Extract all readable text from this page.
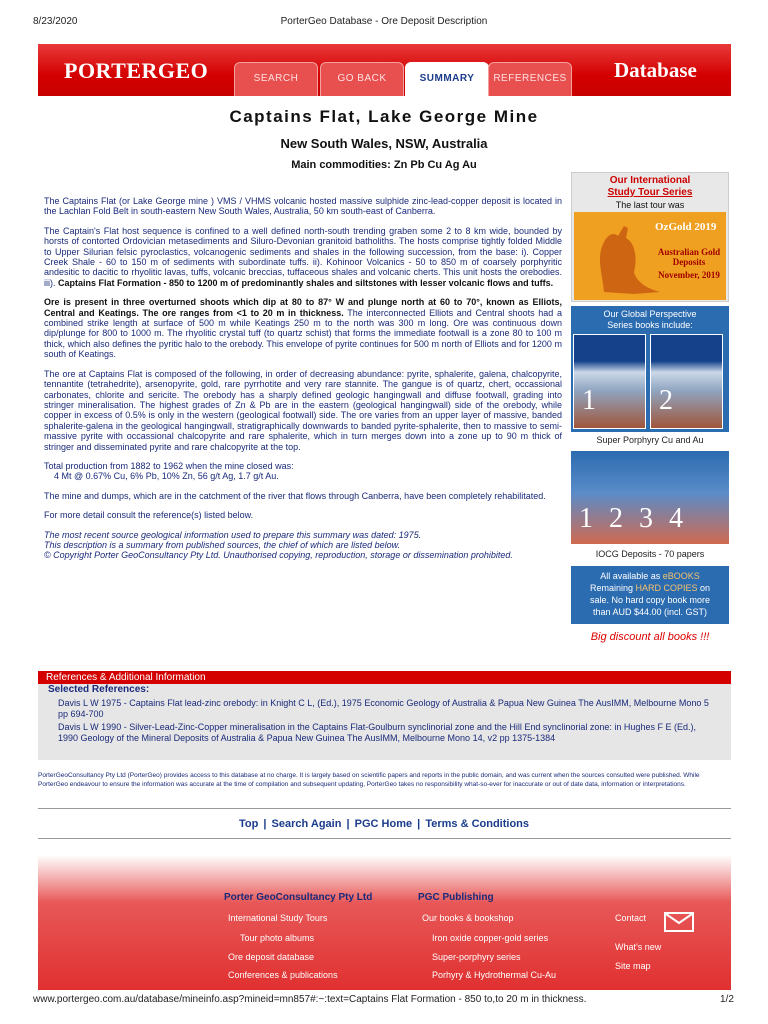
8/23/2020	PorterGeo Database - Ore Deposit Description
PORTERGEO	Database
SEARCH	GO BACK	SUMMARY	REFERENCES
Captains Flat, Lake George Mine
New South Wales, NSW, Australia
Main commodities: Zn Pb Cu Ag Au

The Captains Flat (or Lake George mine ) VMS / VHMS volcanic hosted massive sulphide zinc-lead-copper deposit is located in the Lachlan Fold Belt in south-eastern New South Wales, Australia, 50 km south-east of Canberra.

The Captain's Flat host sequence is confined to a well defined north-south trending graben some 2 to 8 km wide, bounded by horsts of contorted Ordovician metasediments and Siluro-Devonian granitoid batholiths. The hosts comprise tightly folded Middle to Upper Silurian felsic pyroclastics, volcanogenic sediments and shales in the following succession, from the base: i). Copper Creek Shale - 60 to 150 m of sediments with subordinate tuffs. ii). Kohinoor Volcanics - 50 to 850 m of coarsely porphyritic andesitic to dacitic to rhyolitic lavas, tuffs, volcanic breccias, tuffaceous shales and volcanic cherts. This unit hosts the orebodies. iii). Captains Flat Formation - 850 to 1200 m of predominantly shales and siltstones with lesser volcanic flows and tuffs.

Ore is present in three overturned shoots which dip at 80 to 87° W and plunge north at 60 to 70°, known as Elliots, Central and Keatings. The ore ranges from <1 to 20 m in thickness. The interconnected Elliots and Central shoots had a combined strike length at surface of 500 m while Keatings 250 m to the north was 300 m long. Ore was continuous down dip/plunge for 800 to 1000 m. The rhyolitic crystal tuff (to quartz schist) that forms the immediate footwall is a zone 80 to 100 m thick, which also defines the pyritic halo to the orebody. This envelope of pyrite continues for 500 m north of Elliots and for 1200 m south of Keatings.

The ore at Captains Flat is composed of the following, in order of decreasing abundance: pyrite, sphalerite, galena, chalcopyrite, tennantite (tetrahedrite), arsenopyrite, gold, rare pyrrhotite and very rare stannite. The gangue is of quartz, chert, occassional carbonates, chlorite and sericite. The orebody has a sharply defined geologic hangingwall and diffuse footwall, grading into stringer mineralisation. The highest grades of Zn & Pb are in the eastern (geological hangingwall) side of the orebody, while copper in excess of 0.5% is only in the western (geological footwall) side. The ore varies from an upper layer of massive, banded sphalerite-galena in the geological hangingwall, stratigraphically downwards to banded pyrite-sphalerite, then to massive to semi-massive pyrite with occassional chalcopyrite and rare sphalerite, which in turn merges down into a zone up to 90 m thick of stringer and disseminated pyrite and rare chalcopyrite at the top.

Total production from 1882 to 1962 when the mine closed was:
4 Mt @ 0.67% Cu, 6% Pb, 10% Zn, 56 g/t Ag, 1.7 g/t Au.

The mine and dumps, which are in the catchment of the river that flows through Canberra, have been completely rehabilitated.

For more detail consult the reference(s) listed below.

The most recent source geological information used to prepare this summary was dated: 1975.
This description is a summary from published sources, the chief of which are listed below.
© Copyright Porter GeoConsultancy Pty Ltd. Unauthorised copying, reproduction, storage or dissemination prohibited.

Our International
Study Tour Series
The last tour was
OzGold 2019
Australian Gold Deposits
November, 2019
Our Global Perspective
Series books include:
1 2
Super Porphyry Cu and Au
1 2 3 4
IOCG Deposits - 70 papers
All available as eBOOKS
Remaining HARD COPIES on
sale. No hard copy book more
than AUD $44.00 (incl. GST)
Big discount all books !!!
References & Additional Information
Selected References:
Davis L W 1975 - Captains Flat lead-zinc orebody: in Knight C L, (Ed.), 1975 Economic Geology of Australia & Papua New Guinea The AusIMM, Melbourne Mono 5 pp 694-700
Davis L W 1990 - Silver-Lead-Zinc-Copper mineralisation in the Captains Flat-Goulburn synclinorial zone and the Hill End synclinorial zone: in Hughes F E (Ed.), 1990 Geology of the Mineral Deposits of Australia & Papua New Guinea The AusIMM, Melbourne Mono 14, v2 pp 1375-1384
PorterGeoConsultancy Pty Ltd (PorterGeo) provides access to this database at no charge. It is largely based on scientific papers and reports in the public domain, and was current when the sources consulted were published. While PorterGeo endeavour to ensure the information was accurate at the time of compilation and subsequent updating, PorterGeo takes no responsibility what-so-ever for inaccurate or out of date data, information or interpretations.
Top | Search Again | PGC Home | Terms & Conditions
Porter GeoConsultancy Pty Ltd
International Study Tours
Tour photo albums
Ore deposit database
Conferences & publications
PGC Publishing
Our books & bookshop
Iron oxide copper-gold series
Super-porphyry series
Porhyry & Hydrothermal Cu-Au
Contact
What's new
Site map
www.portergeo.com.au/database/mineinfo.asp?mineid=mn857#:~:text=Captains Flat Formation - 850 to,to 20 m in thickness.	1/2
